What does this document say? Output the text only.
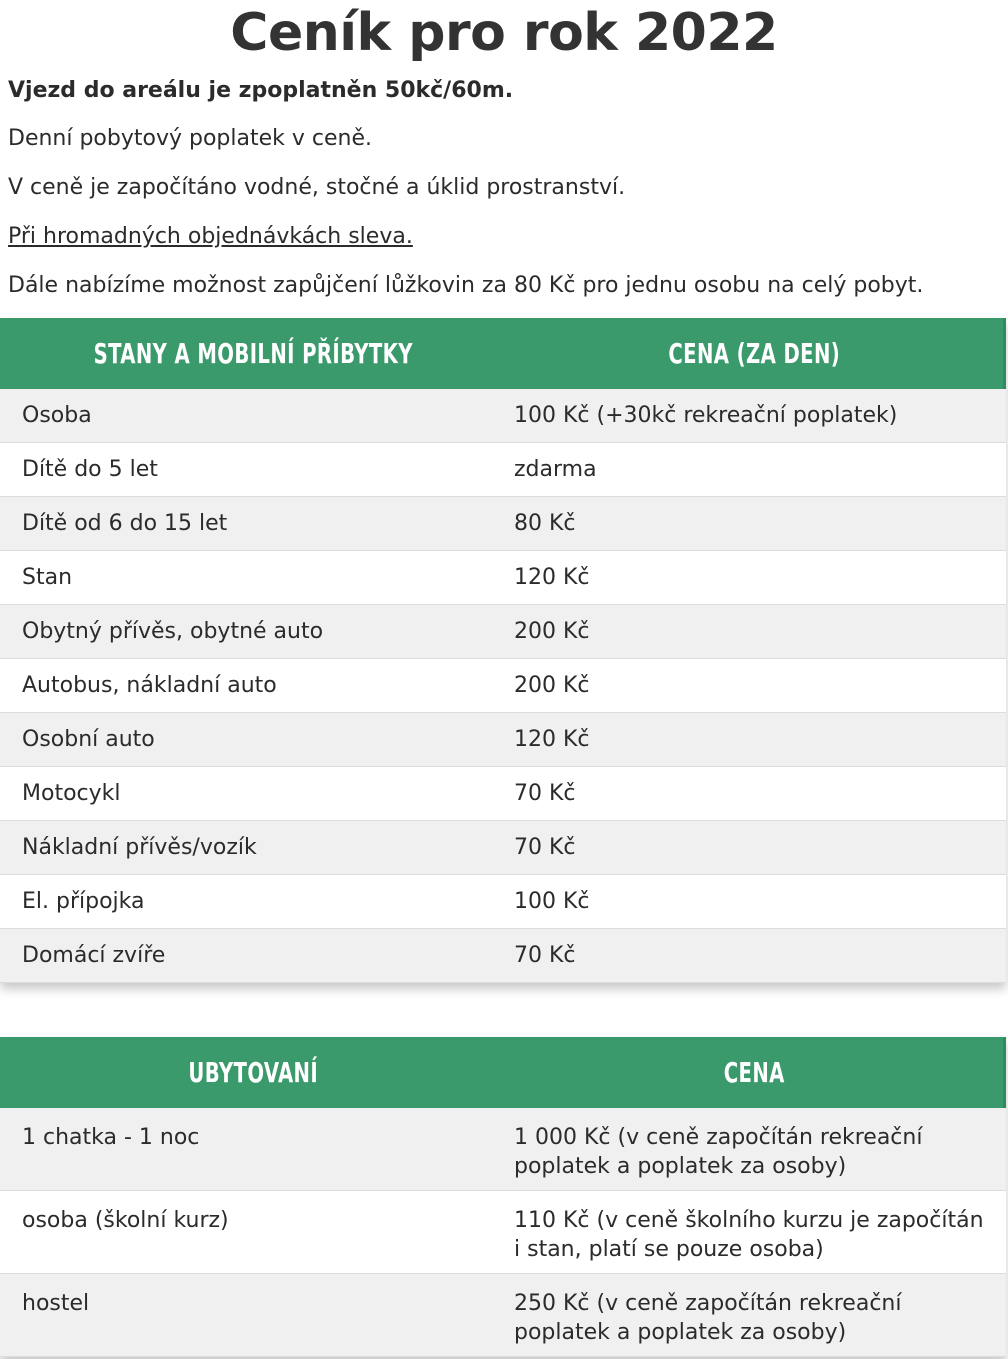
Ceník pro rok 2022

Vjezd do areálu je zpoplatněn 50kč/60m.

Denní pobytový poplatek v ceně.

V ceně je započítáno vodné, stočné a úklid prostranství.

Při hromadných objednávkách sleva.

Dále nabízíme možnost zapůjčení lůžkovin za 80 Kč pro jednu osobu na celý pobyt.

STANY A MOBILNÍ PŘÍBYTKY	CENA (ZA DEN)
Osoba	100 Kč (+30kč rekreační poplatek)
Dítě do 5 let	zdarma
Dítě od 6 do 15 let	80 Kč
Stan	120 Kč
Obytný přívěs, obytné auto	200 Kč
Autobus, nákladní auto	200 Kč
Osobní auto	120 Kč
Motocykl	70 Kč
Nákladní přívěs/vozík	70 Kč
El. přípojka	100 Kč
Domácí zvíře	70 Kč
UBYTOVANÍ	CENA
1 chatka - 1 noc	1 000 Kč (v ceně započítán rekreační poplatek a poplatek za osoby)
osoba (školní kurz)	110 Kč (v ceně školního kurzu je započítán i stan, platí se pouze osoba)
hostel	250 Kč (v ceně započítán rekreační poplatek a poplatek za osoby)
